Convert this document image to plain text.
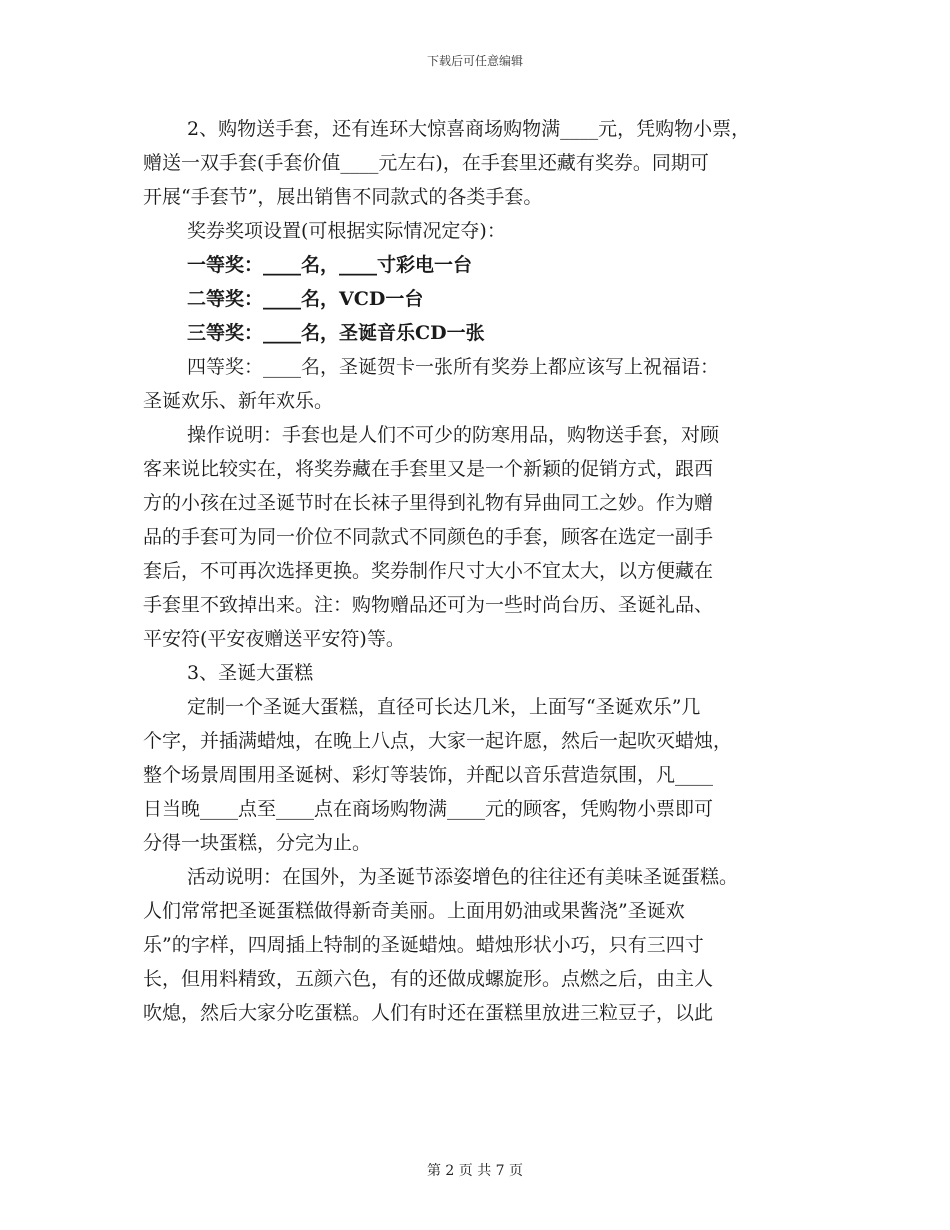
下载后可任意编辑

2、购物送手套，还有连环大惊喜商场购物满____元，凭购物小票，
赠送一双手套(手套价值____元左右)，在手套里还藏有奖券。同期可
开展“手套节”，展出销售不同款式的各类手套。

奖券奖项设置(可根据实际情况定夺)：

一等奖：____名，____寸彩电一台

二等奖：____名，VCD一台

三等奖：____名，圣诞音乐CD一张

四等奖：____名，圣诞贺卡一张所有奖券上都应该写上祝福语：
圣诞欢乐、新年欢乐。

操作说明：手套也是人们不可少的防寒用品，购物送手套，对顾
客来说比较实在，将奖券藏在手套里又是一个新颖的促销方式，跟西
方的小孩在过圣诞节时在长袜子里得到礼物有异曲同工之妙。作为赠
品的手套可为同一价位不同款式不同颜色的手套，顾客在选定一副手
套后，不可再次选择更换。奖券制作尺寸大小不宜太大，以方便藏在
手套里不致掉出来。注：购物赠品还可为一些时尚台历、圣诞礼品、
平安符(平安夜赠送平安符)等。

3、圣诞大蛋糕

定制一个圣诞大蛋糕，直径可长达几米，上面写“圣诞欢乐”几
个字，并插满蜡烛，在晚上八点，大家一起许愿，然后一起吹灭蜡烛，
整个场景周围用圣诞树、彩灯等装饰，并配以音乐营造氛围，凡____
日当晚____点至____点在商场购物满____元的顾客，凭购物小票即可
分得一块蛋糕，分完为止。

活动说明：在国外，为圣诞节添姿增色的往往还有美味圣诞蛋糕。
人们常常把圣诞蛋糕做得新奇美丽。上面用奶油或果酱浇”圣诞欢
乐”的字样，四周插上特制的圣诞蜡烛。蜡烛形状小巧，只有三四寸
长，但用料精致，五颜六色，有的还做成螺旋形。点燃之后，由主人
吹熄，然后大家分吃蛋糕。人们有时还在蛋糕里放进三粒豆子，以此

第 2 页 共 7 页
